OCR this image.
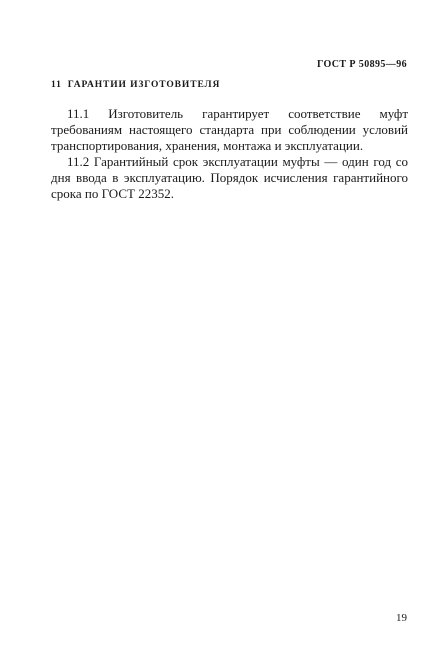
ГОСТ Р 50895—96
11 ГАРАНТИИ ИЗГОТОВИТЕЛЯ

11.1 Изготовитель гарантирует соответствие муфт требованиям настоящего стандарта при соблюдении условий транспортирования, хранения, монтажа и эксплуатации.

11.2 Гарантийный срок эксплуатации муфты — один год со дня ввода в эксплуатацию. Порядок исчисления гарантийного срока по ГОСТ 22352.

19
